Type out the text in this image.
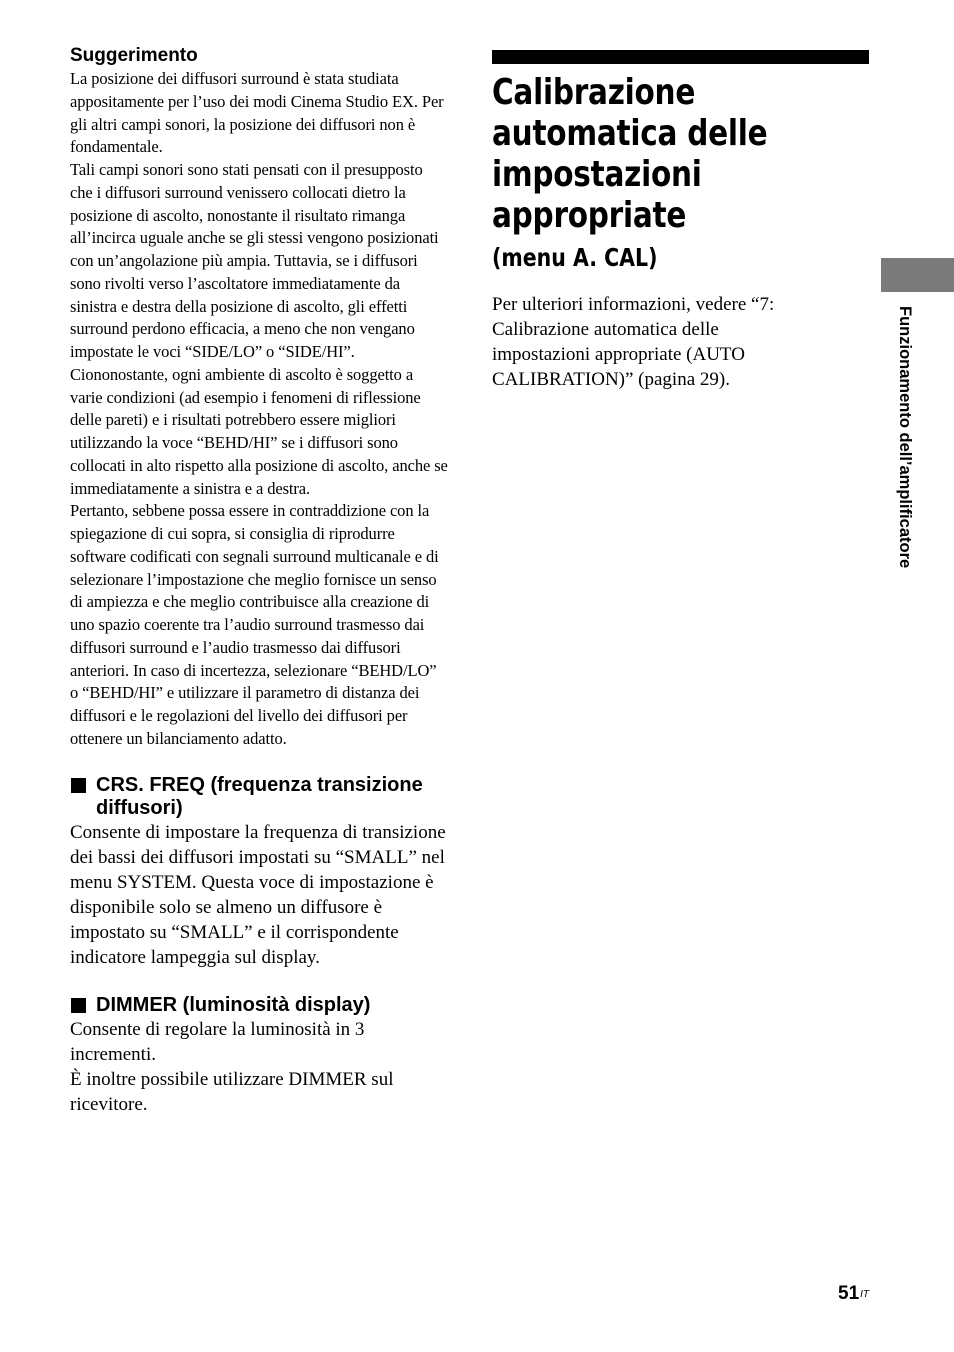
Suggerimento

La posizione dei diffusori surround è stata studiata appositamente per l’uso dei modi Cinema Studio EX. Per gli altri campi sonori, la posizione dei diffusori non è fondamentale.

Tali campi sonori sono stati pensati con il presupposto che i diffusori surround venissero collocati dietro la posizione di ascolto, nonostante il risultato rimanga all’incirca uguale anche se gli stessi vengono posizionati con un’angolazione più ampia. Tuttavia, se i diffusori sono rivolti verso l’ascoltatore immediatamente da sinistra e destra della posizione di ascolto, gli effetti surround perdono efficacia, a meno che non vengano impostate le voci “SIDE/LO” o “SIDE/HI”. Ciononostante, ogni ambiente di ascolto è soggetto a varie condizioni (ad esempio i fenomeni di riflessione delle pareti) e i risultati potrebbero essere migliori utilizzando la voce “BEHD/HI” se i diffusori sono collocati in alto rispetto alla posizione di ascolto, anche se immediatamente a sinistra e a destra.

Pertanto, sebbene possa essere in contraddizione con la spiegazione di cui sopra, si consiglia di riprodurre software codificati con segnali surround multicanale e di selezionare l’impostazione che meglio fornisce un senso di ampiezza e che meglio contribuisce alla creazione di uno spazio coerente tra l’audio surround trasmesso dai diffusori surround e l’audio trasmesso dai diffusori anteriori. In caso di incertezza, selezionare “BEHD/LO” o “BEHD/HI” e utilizzare il parametro di distanza dei diffusori e le regolazioni del livello dei diffusori per ottenere un bilanciamento adatto.

CRS. FREQ (frequenza transizione diffusori)

Consente di impostare la frequenza di transizione dei bassi dei diffusori impostati su “SMALL” nel menu SYSTEM. Questa voce di impostazione è disponibile solo se almeno un diffusore è impostato su “SMALL” e il corrispondente indicatore lampeggia sul display.

DIMMER (luminosità display)

Consente di regolare la luminosità in 3 incrementi.

È inoltre possibile utilizzare DIMMER sul ricevitore.

Calibrazione automatica delle impostazioni appropriate
(menu A. CAL)

Per ulteriori informazioni, vedere “7: Calibrazione automatica delle impostazioni appropriate (AUTO CALIBRATION)” (pagina 29).	Funzionamento dell’amplificatore
$51^{IT}$
